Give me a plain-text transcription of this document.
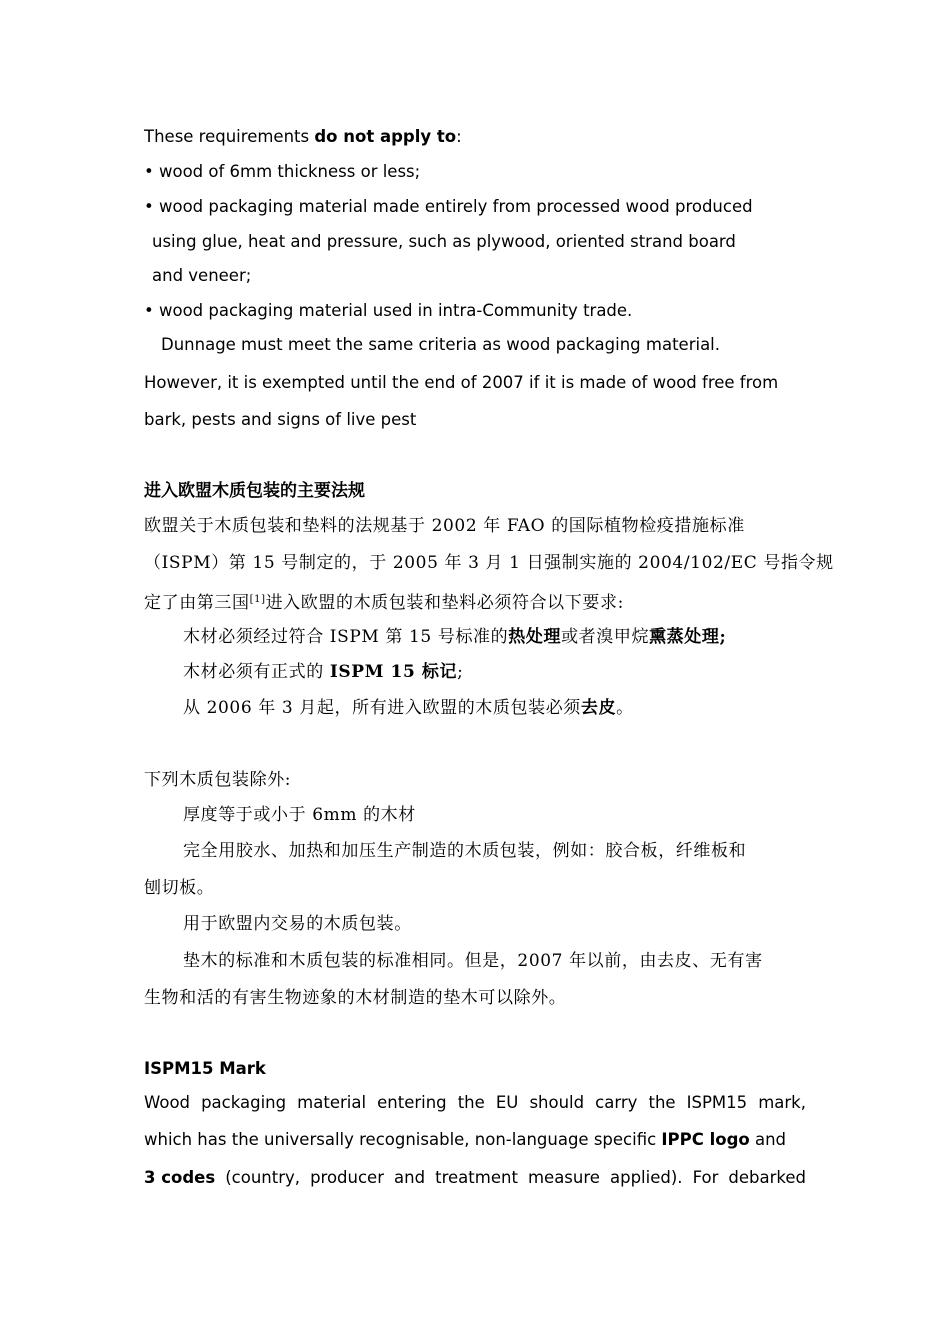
These requirements do not apply to:
• wood of 6mm thickness or less;
• wood packaging material made entirely from processed wood produced
using glue, heat and pressure, such as plywood, oriented strand board
and veneer;
• wood packaging material used in intra-Community trade.
Dunnage must meet the same criteria as wood packaging material.
However, it is exempted until the end of 2007 if it is made of wood free from
bark, pests and signs of live pest
进入欧盟木质包装的主要法规
欧盟关于木质包装和垫料的法规基于 2002 年 FAO 的国际植物检疫措施标准
（ISPM）第 15 号制定的，于 2005 年 3 月 1 日强制实施的 2004/102/EC 号指令规
定了由第三国[1]进入欧盟的木质包装和垫料必须符合以下要求:
木材必须经过符合 ISPM 第 15 号标准的热处理或者溴甲烷熏蒸处理;
木材必须有正式的 ISPM 15 标记;
从 2006 年 3 月起，所有进入欧盟的木质包装必须去皮。
下列木质包装除外:
厚度等于或小于 6mm 的木材
完全用胶水、加热和加压生产制造的木质包装，例如：胶合板，纤维板和
刨切板。
用于欧盟内交易的木质包装。
垫木的标准和木质包装的标准相同。但是，2007 年以前，由去皮、无有害
生物和活的有害生物迹象的木材制造的垫木可以除外。
ISPM15 Mark
Wood packaging material entering the EU should carry the ISPM15 mark,
which has the universally recognisable, non-language specific IPPC logo and
3 codes (country, producer and treatment measure applied). For debarked
